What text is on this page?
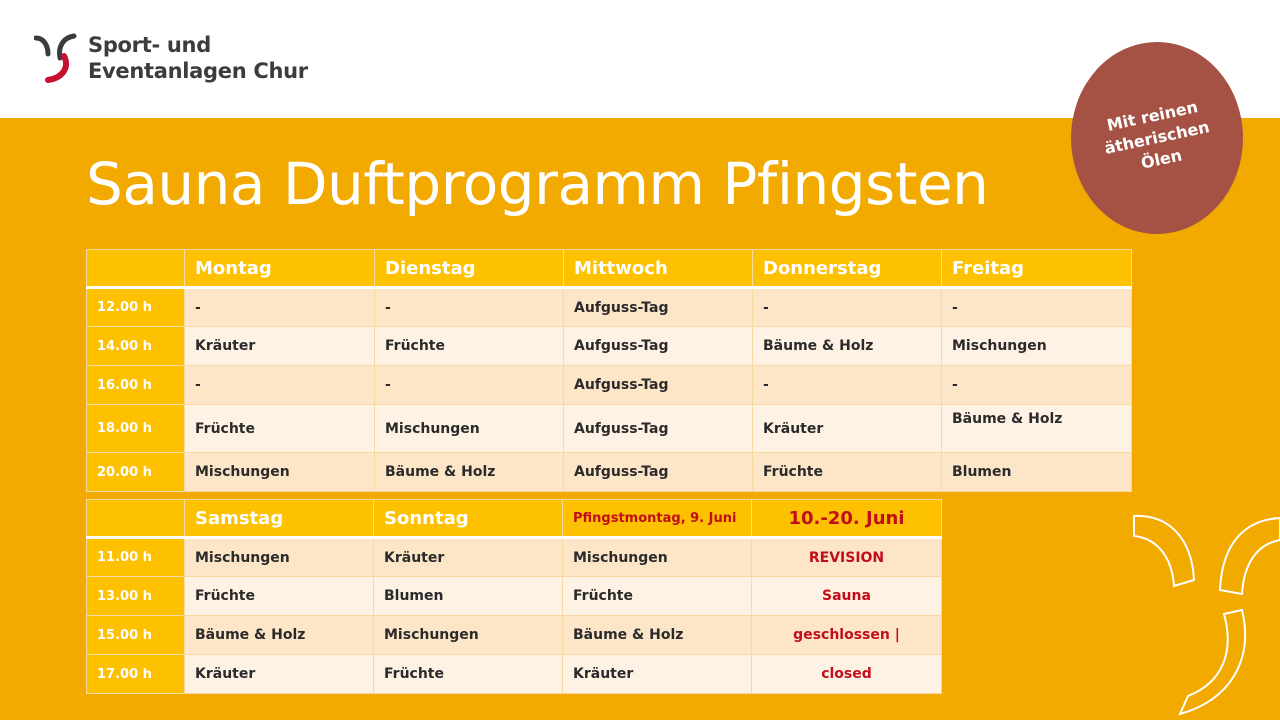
Sport- und
Eventanlagen Chur
Sauna Duftprogramm Pfingsten
Mit reinen ätherischen Ölen
	Montag	Dienstag	Mittwoch	Donnerstag	Freitag
12.00 h	-	-	Aufguss-Tag	-	-
14.00 h	Kräuter	Früchte	Aufguss-Tag	Bäume & Holz	Mischungen
16.00 h	-	-	Aufguss-Tag	-	-
18.00 h	Früchte	Mischungen	Aufguss-Tag	Kräuter	Bäume & Holz
20.00 h	Mischungen	Bäume & Holz	Aufguss-Tag	Früchte	Blumen
	Samstag	Sonntag	Pfingstmontag, 9. Juni	10.-20. Juni
11.00 h	Mischungen	Kräuter	Mischungen	REVISION
13.00 h	Früchte	Blumen	Früchte	Sauna
15.00 h	Bäume & Holz	Mischungen	Bäume & Holz	geschlossen |
17.00 h	Kräuter	Früchte	Kräuter	closed
